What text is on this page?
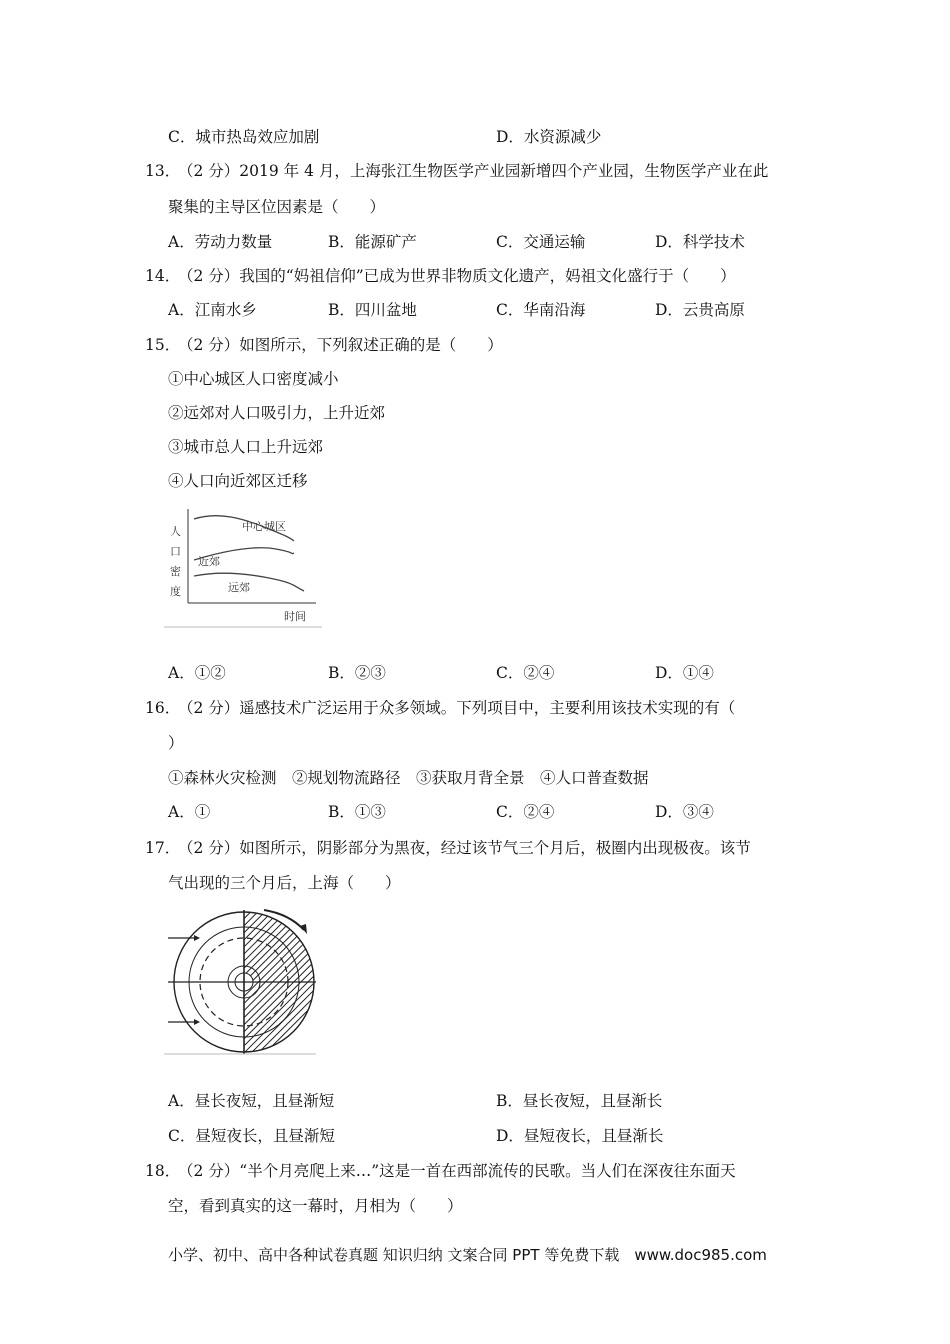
C．城市热岛效应加剧	D．水资源减少
13．
（2 分）2019 年 4 月，上海张江生物医学产业园新增四个产业园，生物医学产业在此
聚集的主导区位因素是（　　）
A．劳动力数量	B．能源矿产	C．交通运输	D．科学技术
14．
（2 分）我国的“妈祖信仰”已成为世界非物质文化遗产，妈祖文化盛行于（　　）
A．江南水乡	B．四川盆地	C．华南沿海	D．云贵高原
15．
（2 分）如图所示，下列叙述正确的是（　　）
①中心城区人口密度减小
②远郊对人口吸引力，上升近郊
③城市总人口上升远郊
④人口向近郊区迁移
人
口
密
度
时间
中心城区
近郊
远郊
A．①②	B．②③	C．②④	D．①④
16．
（2 分）遥感技术广泛运用于众多领域。下列项目中，主要利用该技术实现的有（
）
①森林火灾检测　②规划物流路径　③获取月背全景　④人口普查数据
A．①	B．①③	C．②④	D．③④
17．
（2 分）如图所示，阴影部分为黑夜，经过该节气三个月后，极圈内出现极夜。该节
气出现的三个月后，上海（　　）
A．昼长夜短，且昼渐短	B．昼长夜短，且昼渐长
C．昼短夜长，且昼渐短	D．昼短夜长，且昼渐长
18．
（2 分）“半个月亮爬上来…”这是一首在西部流传的民歌。当人们在深夜往东面天
空，看到真实的这一幕时，月相为（　　）
小学、初中、高中各种试卷真题 知识归纳 文案合同 PPT 等免费下载　www.doc985.com
